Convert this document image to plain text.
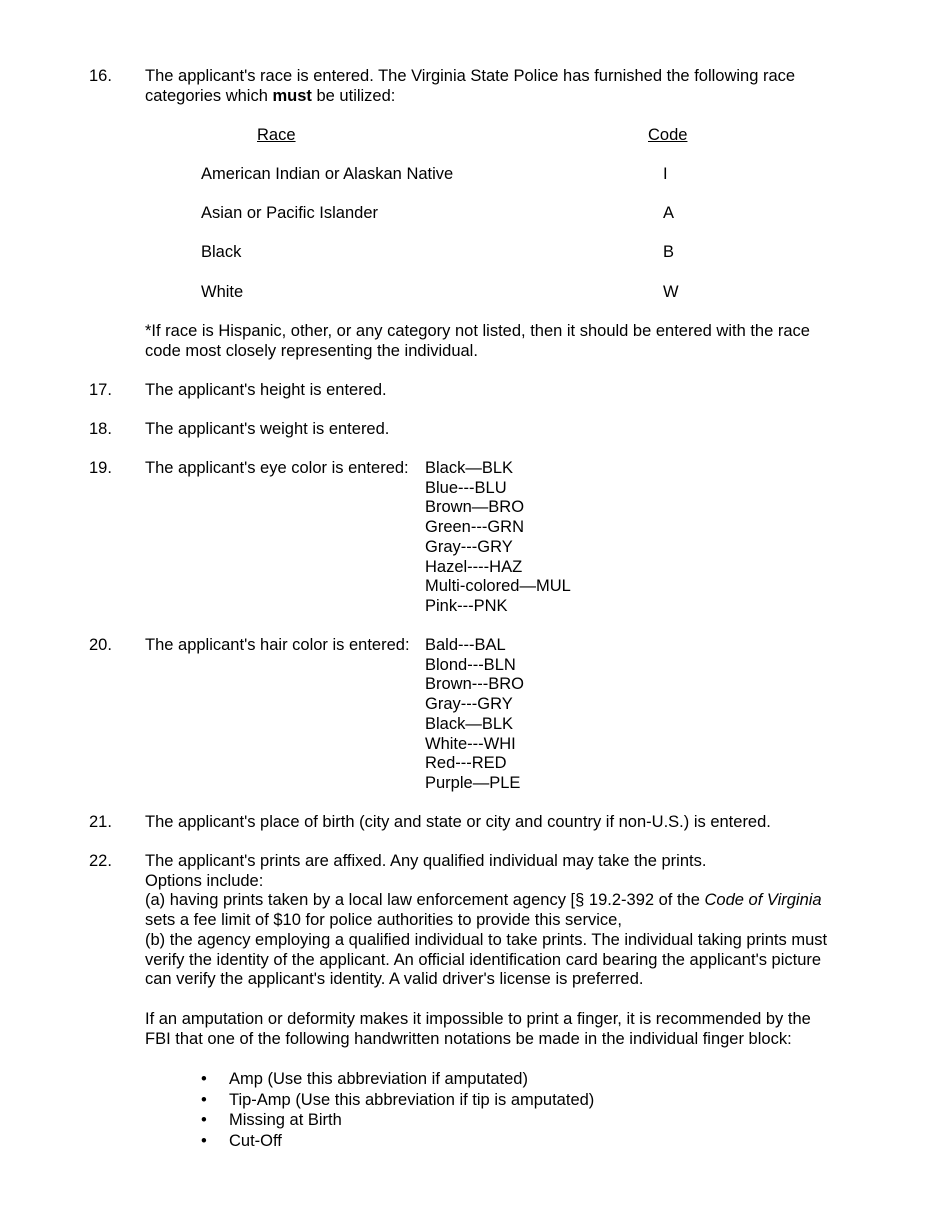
16. The applicant's race is entered. The Virginia State Police has furnished the following race
categories which must be utilized:
Race	Code
American Indian or Alaskan Native	I
Asian or Pacific Islander	A
Black	B
White	W
*If race is Hispanic, other, or any category not listed, then it should be entered with the race
code most closely representing the individual.
17. The applicant's height is entered.
18. The applicant's weight is entered.
19. The applicant's eye color is entered: Black—BLK
Blue---BLU
Brown—BRO
Green---GRN
Gray---GRY
Hazel----HAZ
Multi-colored—MUL
Pink---PNK
20. The applicant's hair color is entered: Bald---BAL
Blond---BLN
Brown---BRO
Gray---GRY
Black—BLK
White---WHI
Red---RED
Purple—PLE
21. The applicant's place of birth (city and state or city and country if non-U.S.) is entered.
22. The applicant's prints are affixed. Any qualified individual may take the prints.
Options include:
(a) having prints taken by a local law enforcement agency [§ 19.2-392 of the Code of Virginia
sets a fee limit of $10 for police authorities to provide this service,
(b) the agency employing a qualified individual to take prints. The individual taking prints must
verify the identity of the applicant. An official identification card bearing the applicant's picture
can verify the applicant's identity. A valid driver's license is preferred.
If an amputation or deformity makes it impossible to print a finger, it is recommended by the
FBI that one of the following handwritten notations be made in the individual finger block:
• Amp (Use this abbreviation if amputated)
• Tip-Amp (Use this abbreviation if tip is amputated)
• Missing at Birth
• Cut-Off
